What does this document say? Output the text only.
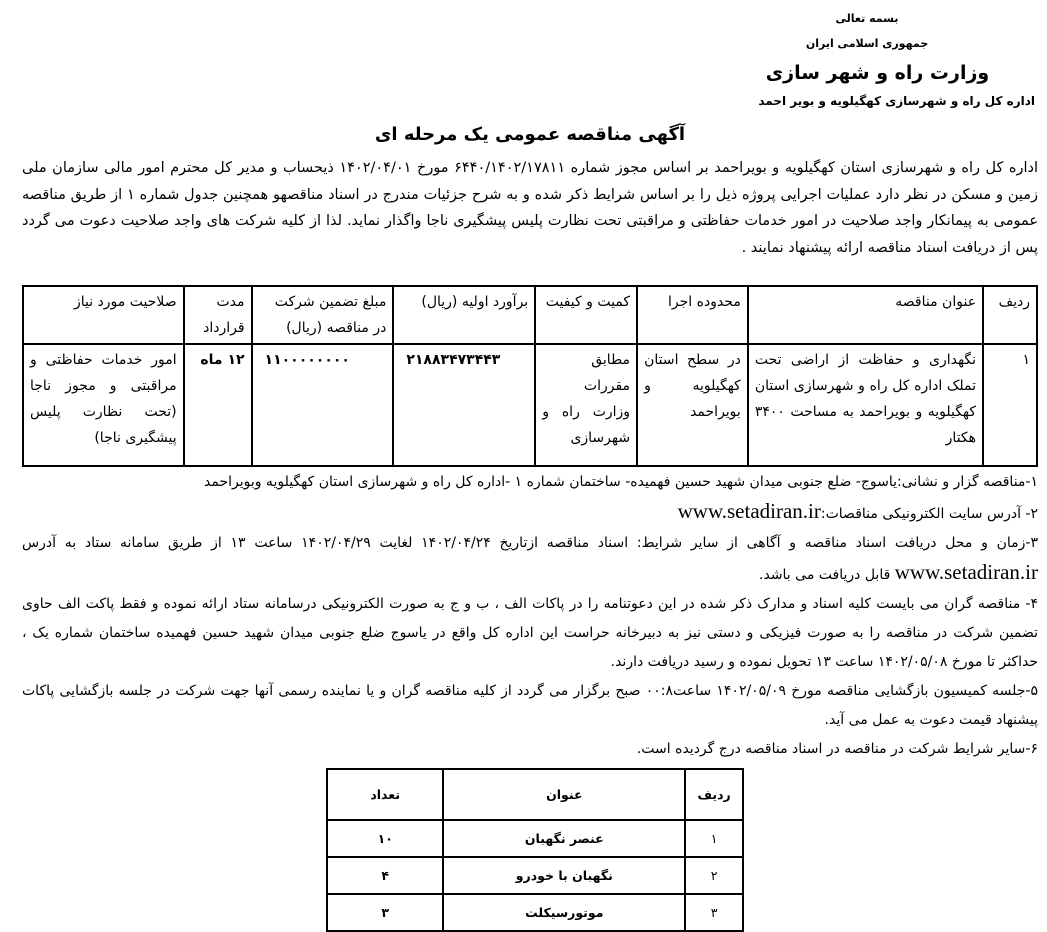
بسمه تعالی
جمهوری اسلامی ایران
وزارت راه و شهر سازی
اداره کل راه و شهرسازی کهگیلویه و بویر احمد
آگهی مناقصه عمومی یک مرحله ای
اداره کل راه و شهرسازی استان کهگیلویه و بویراحمد بر اساس مجوز شماره ۶۴۴۰/۱۴۰۲/۱۷۸۱۱ مورخ ۱۴۰۲/۰۴/۰۱ ذیحساب و مدیر کل محترم امور مالی سازمان ملی زمین و مسکن در نظر دارد عملیات اجرایی پروژه ذیل را بر اساس شرایط ذکر شده و به شرح جزئیات مندرج در اسناد مناقصهو همچنین جدول شماره ۱ از طریق مناقصه عمومی به پیمانکار واجد صلاحیت در امور خدمات حفاظتی و مراقبتی تحت نظارت پلیس پیشگیری ناجا واگذار نماید. لذا از کلیه شرکت های واجد صلاحیت دعوت می گردد پس از دریافت اسناد مناقصه ارائه پیشنهاد نمایند .
ردیف	عنوان مناقصه	محدوده اجرا	کمیت و کیفیت	برآورد اولیه (ریال)	مبلغ تضمین شرکت در مناقصه (ریال)	مدت قرارداد	صلاحیت مورد نیاز
۱	نگهداری و حفاظت از اراضی تحت تملک اداره کل راه و شهرسازی استان کهگیلویه و بویراحمد به مساحت ۳۴۰۰ هکتار	در سطح استان کهگیلویه و بویراحمد	مطابق مقررات وزارت راه و شهرسازی	۲۱۸۸۳۴۷۳۴۴۳	۱۱۰۰۰۰۰۰۰۰	۱۲ ماه	امور خدمات حفاظتی و مراقبتی و مجوز ناجا (تحت نظارت پلیس پیشگیری ناجا)

۱-مناقصه گزار و نشانی:یاسوج- ضلع جنوبی میدان شهید حسین فهمیده- ساختمان شماره ۱ -اداره کل راه و شهرسازی استان کهگیلویه وبویراحمد

۲- آدرس سایت الکترونیکی مناقصات:www.setadiran.ir

۳-زمان و محل دریافت اسناد مناقصه و آگاهی از سایر شرایط: اسناد مناقصه ازتاریخ ۱۴۰۲/۰۴/۲۴ لغایت ۱۴۰۲/۰۴/۲۹ ساعت ۱۳ از طریق سامانه ستاد به آدرس www.setadiran.ir قابل دریافت می باشد.

۴- مناقصه گران می بایست کلیه اسناد و مدارک ذکر شده در این دعوتنامه را در پاکات الف ، ب و ج به صورت الکترونیکی درسامانه ستاد ارائه نموده و فقط پاکت الف حاوی تضمین شرکت در مناقصه را به صورت فیزیکی و دستی نیز به دبیرخانه حراست این اداره کل واقع در یاسوج ضلع جنوبی میدان شهید حسین فهمیده ساختمان شماره یک ، حداکثر تا مورخ ۱۴۰۲/۰۵/۰۸ ساعت ۱۳ تحویل نموده و رسید دریافت دارند.

۵-جلسه کمیسیون بازگشایی مناقصه مورخ ۱۴۰۲/۰۵/۰۹ ساعت۰۰:۸ صبح برگزار می گردد از کلیه مناقصه گران و یا نماینده رسمی آنها جهت شرکت در جلسه بازگشایی پاکات پیشنهاد قیمت دعوت به عمل می آید.

۶-سایر شرایط شرکت در مناقصه در اسناد مناقصه درج گردیده است.

ردیف	عنوان	تعداد
۱	عنصر نگهبان	۱۰
۲	نگهبان با خودرو	۴
۳	موتورسیکلت	۳
